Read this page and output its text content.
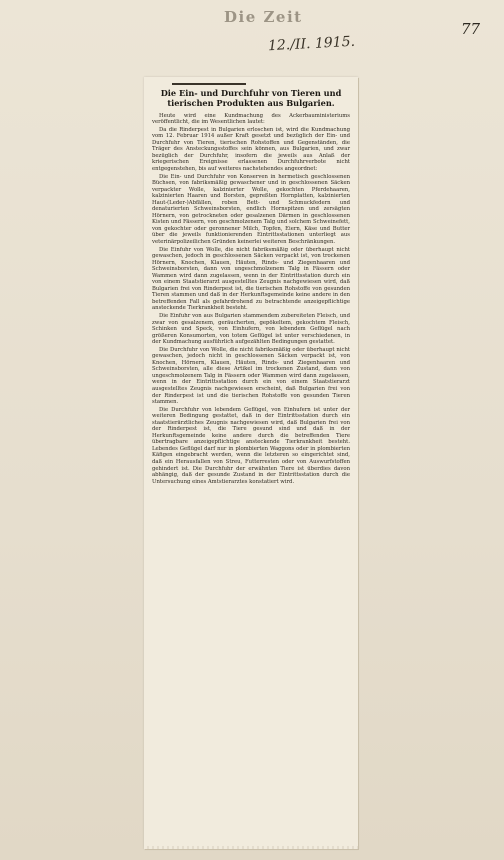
Die Zeit
12./II. 1915.
77
Die Ein- und Durchfuhr von Tieren und tierischen Produkten aus Bulgarien.

Heute wird eine Kundmachung des Ackerbauministeriums veröffentlicht, die im Wesentlichen lautet:

Da die Rinderpest in Bulgarien erloschen ist, wird die Kundmachung vom 12. Februar 1914 außer Kraft gesetzt und bezüglich der Ein- und Durchfuhr von Tieren, tierischen Rohstoffen und Gegenständen, die Träger des Ansteckungsstoffes sein können, aus Bulgarien, und zwar bezüglich der Durchfuhr, insofern die jeweils aus Anlaß der kriegerischen Ereignisse erlassenen Durchfuhrverbote nicht entgegenstehen, bis auf weiteres nachstehendes angeordnet:

Die Ein- und Durchfuhr von Konserven in hermetisch geschlossenen Büchsen, von fabriksmäßig gewaschener und in geschlossenen Säcken verpackter Wolle, kalzinierter Wolle, gekochten Pferdehaaren, kalzinierten Haaren und Borsten, gepreßten Hornplatten, kalzinierten Haut-(Leder-)Abfällen, roben Bett- und Schmuckfedern und denaturierten Schweinsborsten, endlich Hornspitzen und zersägten Hörnern, von getrockneten oder gesalzenen Därmen in geschlossenen Kisten und Fässern, von geschmolzenem Talg und solchem Schweinefett, von gekochter oder geronnener Milch, Topfen, Eiern, Käse und Butter über die jeweils funktionierenden Eintrittsstationen unterliegt aus veterinärpolizeilichen Gründen keinerlei weiteren Beschränkungen.

Die Einfuhr von Wolle, die nicht fabriksmäßig oder überhaupt nicht gewaschen, jedoch in geschlossenen Säcken verpackt ist, von trockenen Hörnern, Knochen, Klauen, Häuten, Rinds- und Ziegenhaaren und Schweinsborsten, dann von ungeschmolzenem Talg in Fässern oder Wammen wird dann zugelassen, wenn in der Eintrittsstation durch ein von einem Staatstierarzt ausgestelltes Zeugnis nachgewiesen wird, daß Bulgarien frei von Rinderpest ist, die tierischen Rohstoffe von gesunden Tieren stammen und daß in der Herkunftsgemeinde keine andere in den betreffenden Fall als gefahrdrohend zu betrachtende anzeigepflichtige ansteckende Tierkrankheit besteht.

Die Einfuhr von aus Bulgarien stammendem zubereiteten Fleisch, und zwar von gesalzenem, geräucherten, gepökeltem, gekochtem Fleisch, Schinken und Speck, von Einhufern, von lebendem Geflügel nach größeren Konsumorten, von totem Geflügel ist unter verschiedenen, in der Kundmachung ausführlich aufgezählten Bedingungen gestattet.

Die Durchfuhr von Wolle, die nicht fabriksmäßig oder überhaupt nicht gewaschen, jedoch nicht in geschlossenen Säcken verpackt ist, von Knochen, Hörnern, Klauen, Häuten, Rinds- und Ziegenhaaren und Schweinsborsten, alle diese Artikel im trockenen Zustand, dann von ungeschmolzenem Talg in Fässern oder Wammen wird dann zugelassen, wenn in der Eintrittsstation durch ein von einem Staatstierarzt ausgestelltes Zeugnis nachgewiesen erscheint, daß Bulgarien frei von der Rinderpest ist und die tierischen Rohstoffe von gesunden Tieren stammen.

Die Durchfuhr von lebendem Geflügel, von Einhufern ist unter der weiteren Bedingung gestattet, daß in der Eintrittsstation durch ein staatstierärztliches Zeugnis nachgewiesen wird, daß Bulgarien frei von der Rinderpest ist, die Tiere gesund sind und daß in der Herkunftsgemeinde keine andere durch die betreffenden Tiere übertragbare anzeigepflichtige ansteckende Tierkrankheit besteht. Lebendes Geflügel darf nur in plombierten Waggons oder in plombierten Käfigen eingebracht werden, wenn die letzteren so eingerichtet sind, daß ein Herausfallen von Streu, Futterresten oder von Auswurfstoffen gehindert ist. Die Durchfuhr der erwähnten Tiere ist überdies davon abhängig, daß der gesunde Zustand in der Eintrittsstation durch die Untersuchung eines Amtstierarztes konstatiert wird.
